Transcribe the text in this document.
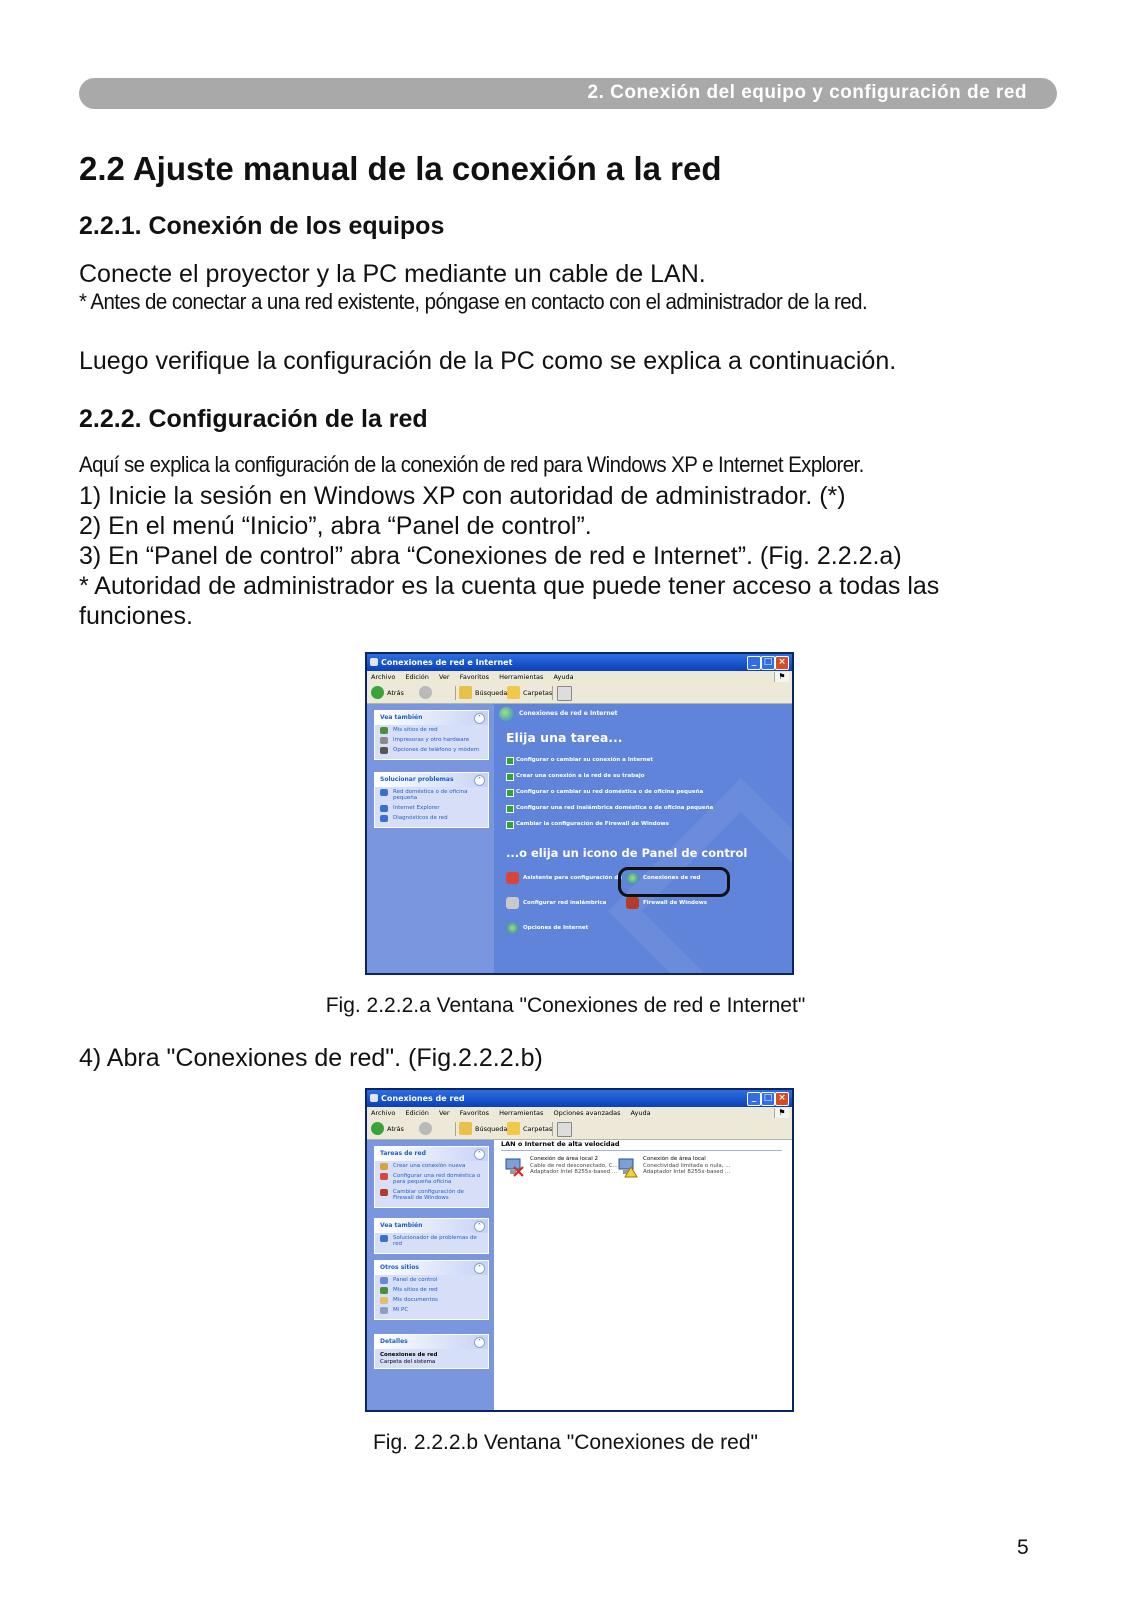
2. Conexión del equipo y configuración de red
2.2 Ajuste manual de la conexión a la red
2.2.1. Conexión de los equipos
Conecte el proyector y la PC mediante un cable de LAN.
* Antes de conectar a una red existente, póngase en contacto con el administrador de la red.
Luego verifique la configuración de la PC como se explica a continuación.
2.2.2. Configuración de la red
Aquí se explica la configuración de la conexión de red para Windows XP e Internet Explorer.
1) Inicie la sesión en Windows XP con autoridad de administrador. (*)
2) En el menú “Inicio”, abra “Panel de control”.
3) En “Panel de control” abra “Conexiones de red e Internet”. (Fig. 2.2.2.a)
* Autoridad de administrador es la cuenta que puede tener acceso a todas las
funciones.
Conexiones de red e Internet	_ □ ×
Archivo Edición Ver Favoritos Herramientas Ayuda	⚑
Atrás	Búsqueda Carpetas
Vea también	˄
Mis sitios de red
Impresoras y otro hardware
Opciones de teléfono y módem
Solucionar problemas	˄
Red doméstica o de oficina pequeña
Internet Explorer
Diagnósticos de red
Conexiones de red e Internet
Elija una tarea...
Configurar o cambiar su conexión a Internet
Crear una conexión a la red de su trabajo
Configurar o cambiar su red doméstica o de oficina pequeña
Configurar una red inalámbrica doméstica o de oficina pequeña
Cambiar la configuración de Firewall de Windows
...o elija un icono de Panel de control
Asistente para configuración de	Conexiones de red
Configurar red inalámbrica	Firewall de Windows
Opciones de Internet
Fig. 2.2.2.a Ventana "Conexiones de red e Internet"
4) Abra "Conexiones de red". (Fig.2.2.2.b)
Conexiones de red	_ □ ×
Archivo Edición Ver Favoritos Herramientas Opciones avanzadas Ayuda	⚑
Atrás	Búsqueda Carpetas
Tareas de red	˄
Crear una conexión nueva
Configurar una red doméstica o para pequeña oficina
Cambiar configuración de Firewall de Windows
Vea también	˄
Solucionador de problemas de red
Otros sitios	˄
Panel de control
Mis sitios de red
Mis documentos
Mi PC
Detalles	˄
Conexiones de red
Carpeta del sistema
LAN o Internet de alta velocidad
Conexión de área local 2
Cable de red desconectado, C...
Adaptador Intel 8255x-based ...
Conexión de área local
Conectividad limitada o nula, ...
Adaptador Intel 8255x-based ...
Fig. 2.2.2.b Ventana "Conexiones de red"
5
